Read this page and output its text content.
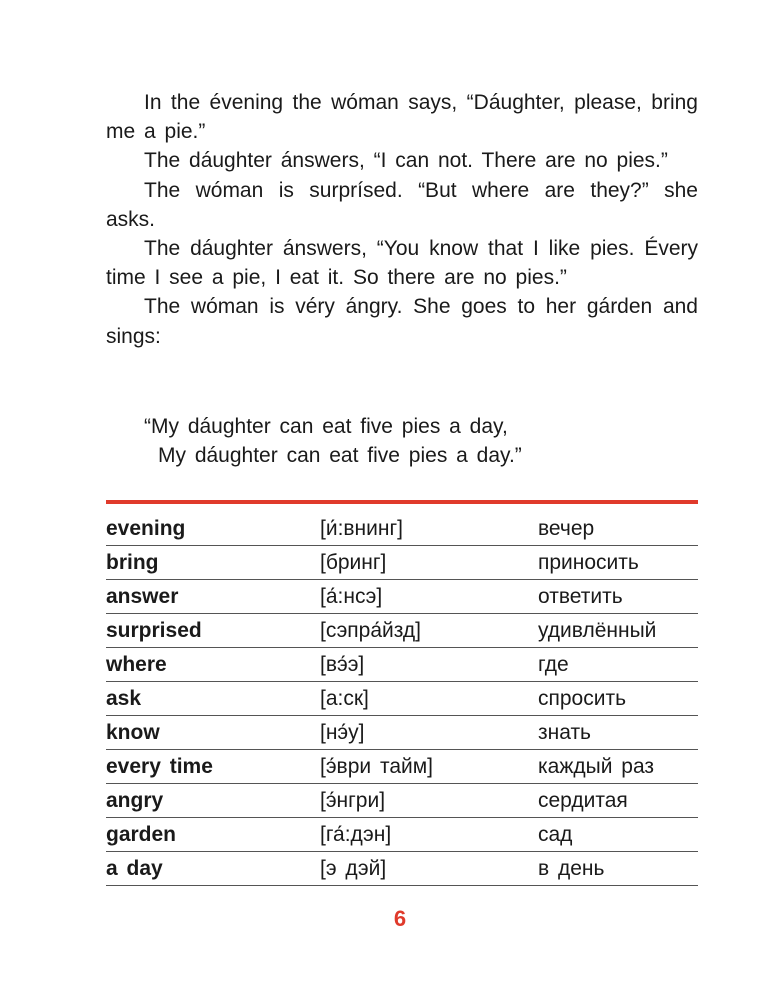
In the évening the wóman says, “Dáughter, please, bring me a pie.”

The dáughter ánswers, “I can not. There are no pies.”

The wóman is surprísed. “But where are they?” she asks.

The dáughter ánswers, “You know that I like pies. Évery time I see a pie, I eat it. So there are no pies.”

The wóman is véry ángry. She goes to her gárden and sings:

“My dáughter can eat five pies a day,
My dáughter can eat five pies a day.”
evening	[и́:внинг]	вечер
bring	[бринг]	приносить
answer	[а́:нсэ]	ответить
surprised	[сэпра́йзд]	удивлённый
where	[вэ́э]	где
ask	[а:ск]	спросить
know	[нэ́у]	знать
every time	[э́ври тайм]	каждый раз
angry	[э́нгри]	сердитая
garden	[га́:дэн]	сад
a day	[э дэй]	в день
6
